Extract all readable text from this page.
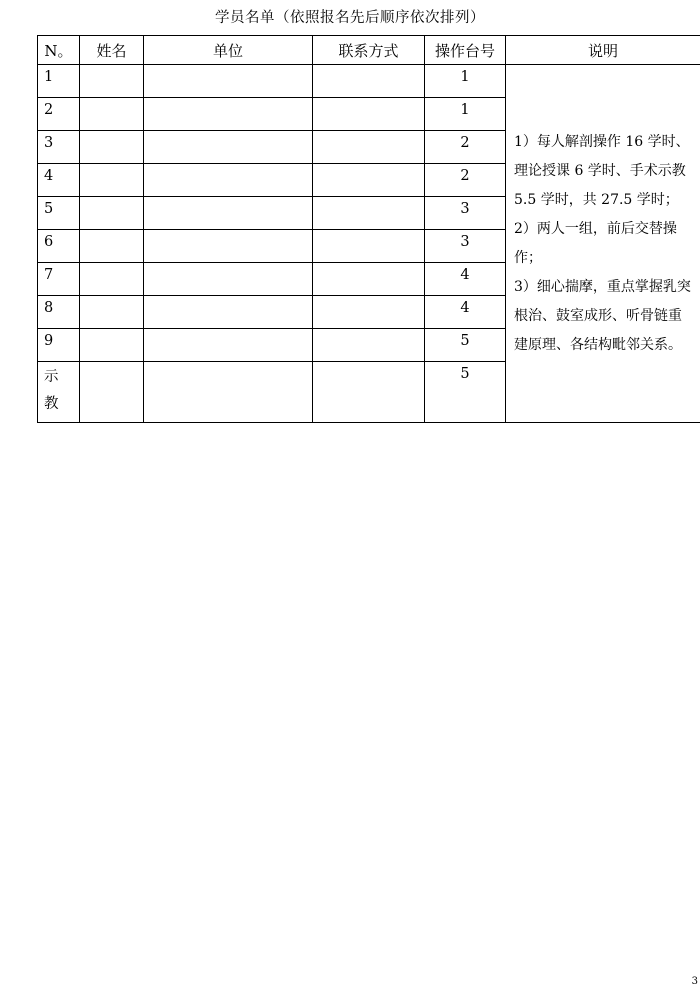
学员名单（依照报名先后顺序依次排列）
N。	姓名	单位	联系方式	操作台号	说明
1				1	1）每人解剖操作 16 学时、理论授课 6 学时、手术示教 5.5 学时，共 27.5 学时；
2）两人一组，前后交替操作；
3）细心揣摩，重点掌握乳突根治、鼓室成形、听骨链重建原理、各结构毗邻关系。

2				1	
3				2	
4				2	
5				3	
6				3	
7				4	
8				4	
9				5	

示
教				5	
3
